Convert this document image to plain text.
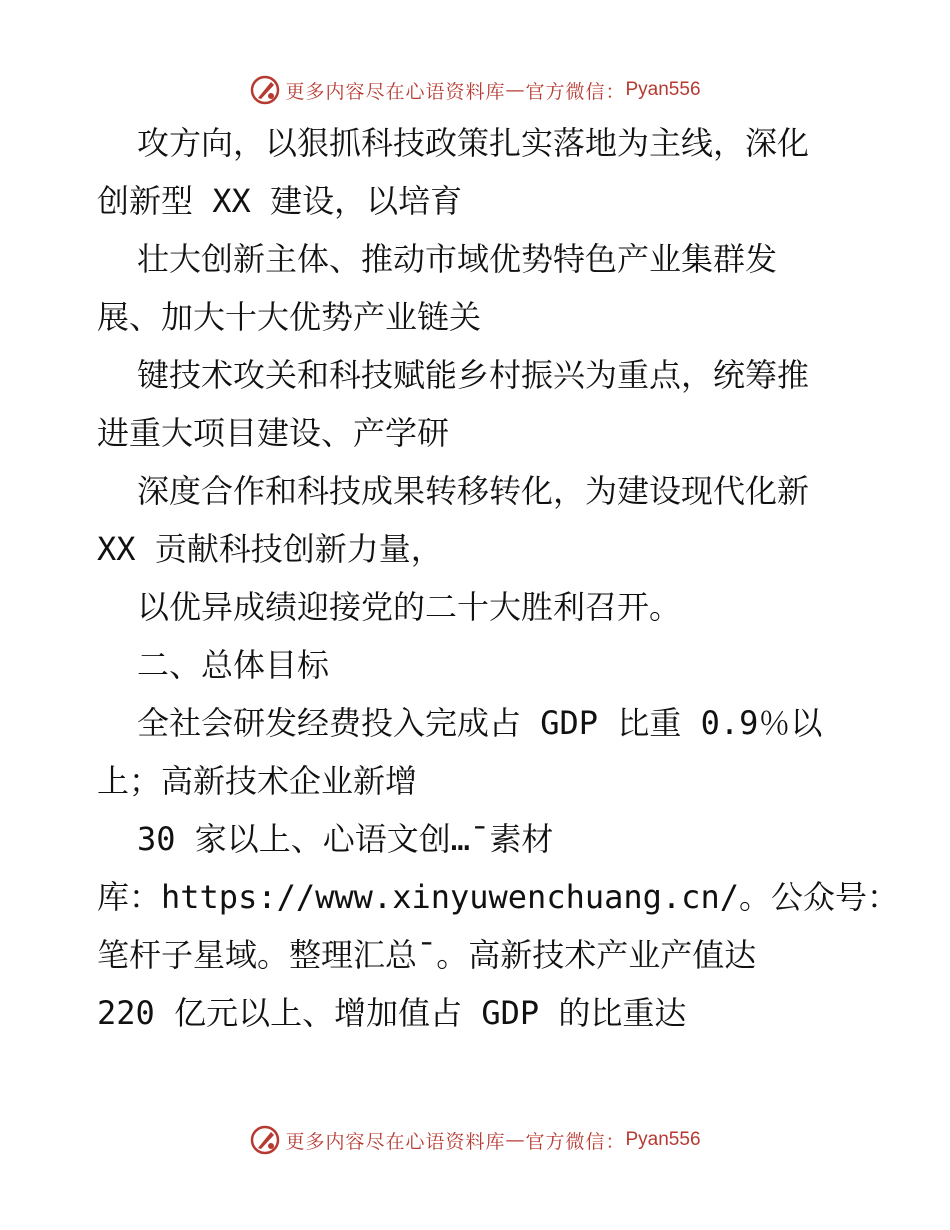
更多内容尽在心语资料库 — 官方微信： Pyan556
攻方向，以狠抓科技政策扎实落地为主线，深化
创新型 XX 建设，以培育
壮大创新主体、推动市域优势特色产业集群发
展、加大十大优势产业链关
键技术攻关和科技赋能乡村振兴为重点，统筹推
进重大项目建设、产学研
深度合作和科技成果转移转化，为建设现代化新
XX 贡献科技创新力量，
以优异成绩迎接党的二十大胜利召开。
二、总体目标
全社会研发经费投入完成占 GDP 比重 0.9％以
上；高新技术企业新增
30 家以上、心语文创…¯素材
库：https://www.xinyuwenchuang.cn/。公众号：
笔杆子星域。整理汇总¯。高新技术产业产值达
220 亿元以上、增加值占 GDP 的比重达
更多内容尽在心语资料库 — 官方微信： Pyan556
